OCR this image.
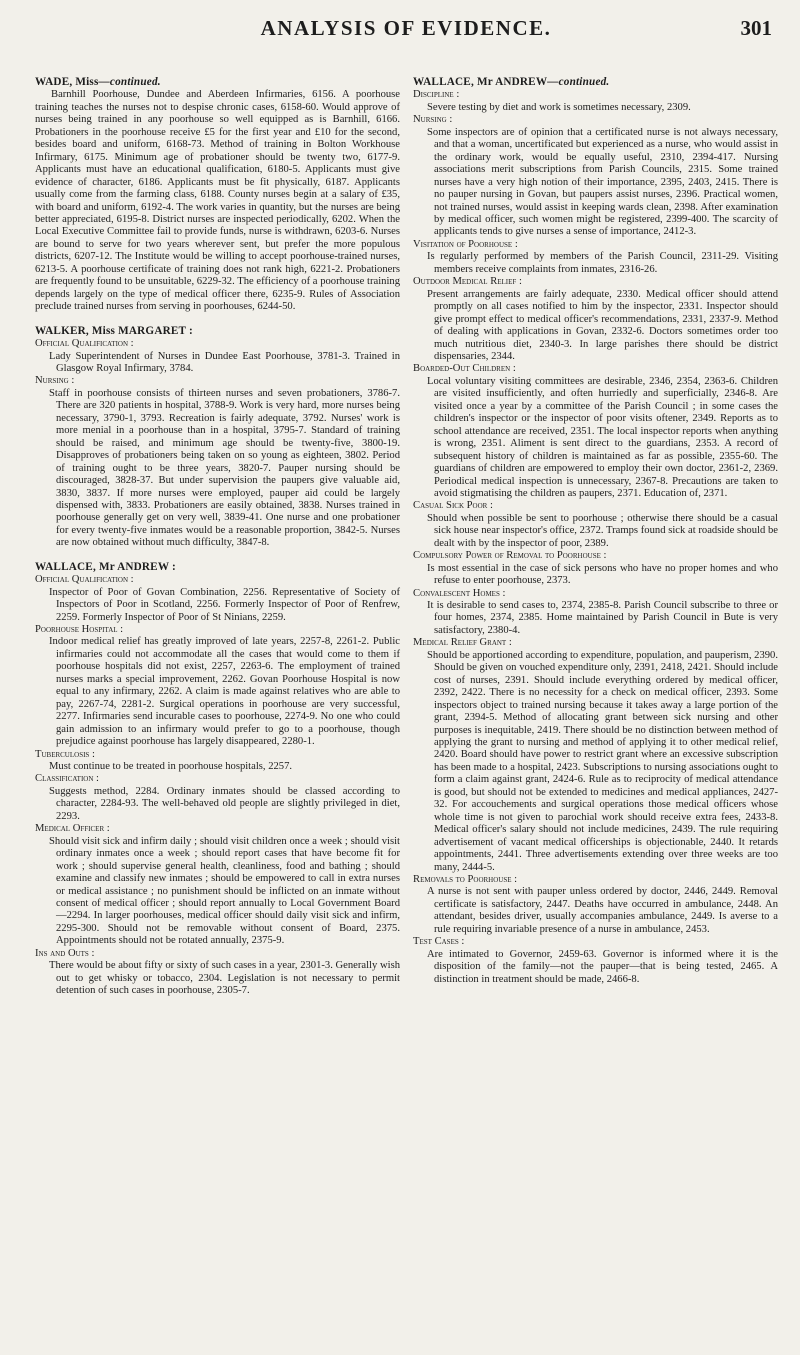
ANALYSIS OF EVIDENCE.	301

WADE, Miss—continued.

Barnhill Poorhouse, Dundee and Aberdeen Infirmaries, 6156. A poorhouse training teaches the nurses not to despise chronic cases, 6158-60. Would approve of nurses being trained in any poorhouse so well equipped as is Barnhill, 6166. Probationers in the poorhouse receive £5 for the first year and £10 for the second, besides board and uniform, 6168-73. Method of training in Bolton Workhouse Infirmary, 6175. Minimum age of probationer should be twenty two, 6177-9. Applicants must have an educational qualification, 6180-5. Applicants must give evidence of character, 6186. Applicants must be fit physically, 6187. Applicants usually come from the farming class, 6188. County nurses begin at a salary of £35, with board and uniform, 6192-4. The work varies in quantity, but the nurses are being better appreciated, 6195-8. District nurses are inspected periodically, 6202. When the Local Executive Committee fail to provide funds, nurse is withdrawn, 6203-6. Nurses are bound to serve for two years wherever sent, but prefer the more populous districts, 6207-12. The Institute would be willing to accept poorhouse-trained nurses, 6213-5. A poorhouse certificate of training does not rank high, 6221-2. Probationers are frequently found to be unsuitable, 6229-32. The efficiency of a poorhouse training depends largely on the type of medical officer there, 6235-9. Rules of Association preclude trained nurses from serving in poorhouses, 6244-50.

WALKER, Miss MARGARET :

Official Qualification :

Lady Superintendent of Nurses in Dundee East Poorhouse, 3781-3. Trained in Glasgow Royal Infirmary, 3784.

Nursing :

Staff in poorhouse consists of thirteen nurses and seven probationers, 3786-7. There are 320 patients in hospital, 3788-9. Work is very hard, more nurses being necessary, 3790-1, 3793. Recreation is fairly adequate, 3792. Nurses' work is more menial in a poorhouse than in a hospital, 3795-7. Standard of training should be raised, and minimum age should be twenty-five, 3800-19. Disapproves of probationers being taken on so young as eighteen, 3802. Period of training ought to be three years, 3820-7. Pauper nursing should be discouraged, 3828-37. But under supervision the paupers give valuable aid, 3830, 3837. If more nurses were employed, pauper aid could be largely dispensed with, 3833. Probationers are easily obtained, 3838. Nurses trained in poorhouse generally get on very well, 3839-41. One nurse and one probationer for every twenty-five inmates would be a reasonable proportion, 3842-5. Nurses are now obtained without much difficulty, 3847-8.

WALLACE, Mr ANDREW :

Official Qualification :

Inspector of Poor of Govan Combination, 2256. Representative of Society of Inspectors of Poor in Scotland, 2256. Formerly Inspector of Poor of Renfrew, 2259. Formerly Inspector of Poor of St Ninians, 2259.

Poorhouse Hospital :

Indoor medical relief has greatly improved of late years, 2257-8, 2261-2. Public infirmaries could not accommodate all the cases that would come to them if poorhouse hospitals did not exist, 2257, 2263-6. The employment of trained nurses marks a special improvement, 2262. Govan Poorhouse Hospital is now equal to any infirmary, 2262. A claim is made against relatives who are able to pay, 2267-74, 2281-2. Surgical operations in poorhouse are very successful, 2277. Infirmaries send incurable cases to poorhouse, 2274-9. No one who could gain admission to an infirmary would prefer to go to a poorhouse, though prejudice against poorhouse has largely disappeared, 2280-1.

Tuberculosis :

Must continue to be treated in poorhouse hospitals, 2257.

Classification :

Suggests method, 2284. Ordinary inmates should be classed according to character, 2284-93. The well-behaved old people are slightly privileged in diet, 2293.

Medical Officer :

Should visit sick and infirm daily ; should visit children once a week ; should visit ordinary inmates once a week ; should report cases that have become fit for work ; should supervise general health, cleanliness, food and bathing ; should examine and classify new inmates ; should be empowered to call in extra nurses or medical assistance ; no punishment should be inflicted on an inmate without consent of medical officer ; should report annually to Local Government Board—2294. In larger poorhouses, medical officer should daily visit sick and infirm, 2295-300. Should not be removable without consent of Board, 2375. Appointments should not be rotated annually, 2375-9.

Ins and Outs :

There would be about fifty or sixty of such cases in a year, 2301-3. Generally wish out to get whisky or tobacco, 2304. Legislation is not necessary to permit detention of such cases in poorhouse, 2305-7.

WALLACE, Mr ANDREW—continued.

Discipline :

Severe testing by diet and work is sometimes necessary, 2309.

Nursing :

Some inspectors are of opinion that a certificated nurse is not always necessary, and that a woman, uncertificated but experienced as a nurse, who would assist in the ordinary work, would be equally useful, 2310, 2394-417. Nursing associations merit subscriptions from Parish Councils, 2315. Some trained nurses have a very high notion of their importance, 2395, 2403, 2415. There is no pauper nursing in Govan, but paupers assist nurses, 2396. Practical women, not trained nurses, would assist in keeping wards clean, 2398. After examination by medical officer, such women might be registered, 2399-400. The scarcity of applicants tends to give nurses a sense of importance, 2412-3.

Visitation of Poorhouse :

Is regularly performed by members of the Parish Council, 2311-29. Visiting members receive complaints from inmates, 2316-26.

Outdoor Medical Relief :

Present arrangements are fairly adequate, 2330. Medical officer should attend promptly on all cases notified to him by the inspector, 2331. Inspector should give prompt effect to medical officer's recommendations, 2331, 2337-9. Method of dealing with applications in Govan, 2332-6. Doctors sometimes order too much nutritious diet, 2340-3. In large parishes there should be district dispensaries, 2344.

Boarded-Out Children :

Local voluntary visiting committees are desirable, 2346, 2354, 2363-6. Children are visited insufficiently, and often hurriedly and superficially, 2346-8. Are visited once a year by a committee of the Parish Council ; in some cases the children's inspector or the inspector of poor visits oftener, 2349. Reports as to school attendance are received, 2351. The local inspector reports when anything is wrong, 2351. Aliment is sent direct to the guardians, 2353. A record of subsequent history of children is maintained as far as possible, 2355-60. The guardians of children are empowered to employ their own doctor, 2361-2, 2369. Periodical medical inspection is unnecessary, 2367-8. Precautions are taken to avoid stigmatising the children as paupers, 2371. Education of, 2371.

Casual Sick Poor :

Should when possible be sent to poorhouse ; otherwise there should be a casual sick house near inspector's office, 2372. Tramps found sick at roadside should be dealt with by the inspector of poor, 2389.

Compulsory Power of Removal to Poorhouse :

Is most essential in the case of sick persons who have no proper homes and who refuse to enter poorhouse, 2373.

Convalescent Homes :

It is desirable to send cases to, 2374, 2385-8. Parish Council subscribe to three or four homes, 2374, 2385. Home maintained by Parish Council in Bute is very satisfactory, 2380-4.

Medical Relief Grant :

Should be apportioned according to expenditure, population, and pauperism, 2390. Should be given on vouched expenditure only, 2391, 2418, 2421. Should include cost of nurses, 2391. Should include everything ordered by medical officer, 2392, 2422. There is no necessity for a check on medical officer, 2393. Some inspectors object to trained nursing because it takes away a large portion of the grant, 2394-5. Method of allocating grant between sick nursing and other purposes is inequitable, 2419. There should be no distinction between method of applying the grant to nursing and method of applying it to other medical relief, 2420. Board should have power to restrict grant where an excessive subscription has been made to a hospital, 2423. Subscriptions to nursing associations ought to form a claim against grant, 2424-6. Rule as to reciprocity of medical attendance is good, but should not be extended to medicines and medical appliances, 2427-32. For accouchements and surgical operations those medical officers whose whole time is not given to parochial work should receive extra fees, 2433-8. Medical officer's salary should not include medicines, 2439. The rule requiring advertisement of vacant medical officerships is objectionable, 2440. It retards appointments, 2441. Three advertisements extending over three weeks are too many, 2444-5.

Removals to Poorhouse :

A nurse is not sent with pauper unless ordered by doctor, 2446, 2449. Removal certificate is satisfactory, 2447. Deaths have occurred in ambulance, 2448. An attendant, besides driver, usually accompanies ambulance, 2449. Is averse to a rule requiring invariable presence of a nurse in ambulance, 2453.

Test Cases :

Are intimated to Governor, 2459-63. Governor is informed where it is the disposition of the family—not the pauper—that is being tested, 2465. A distinction in treatment should be made, 2466-8.
